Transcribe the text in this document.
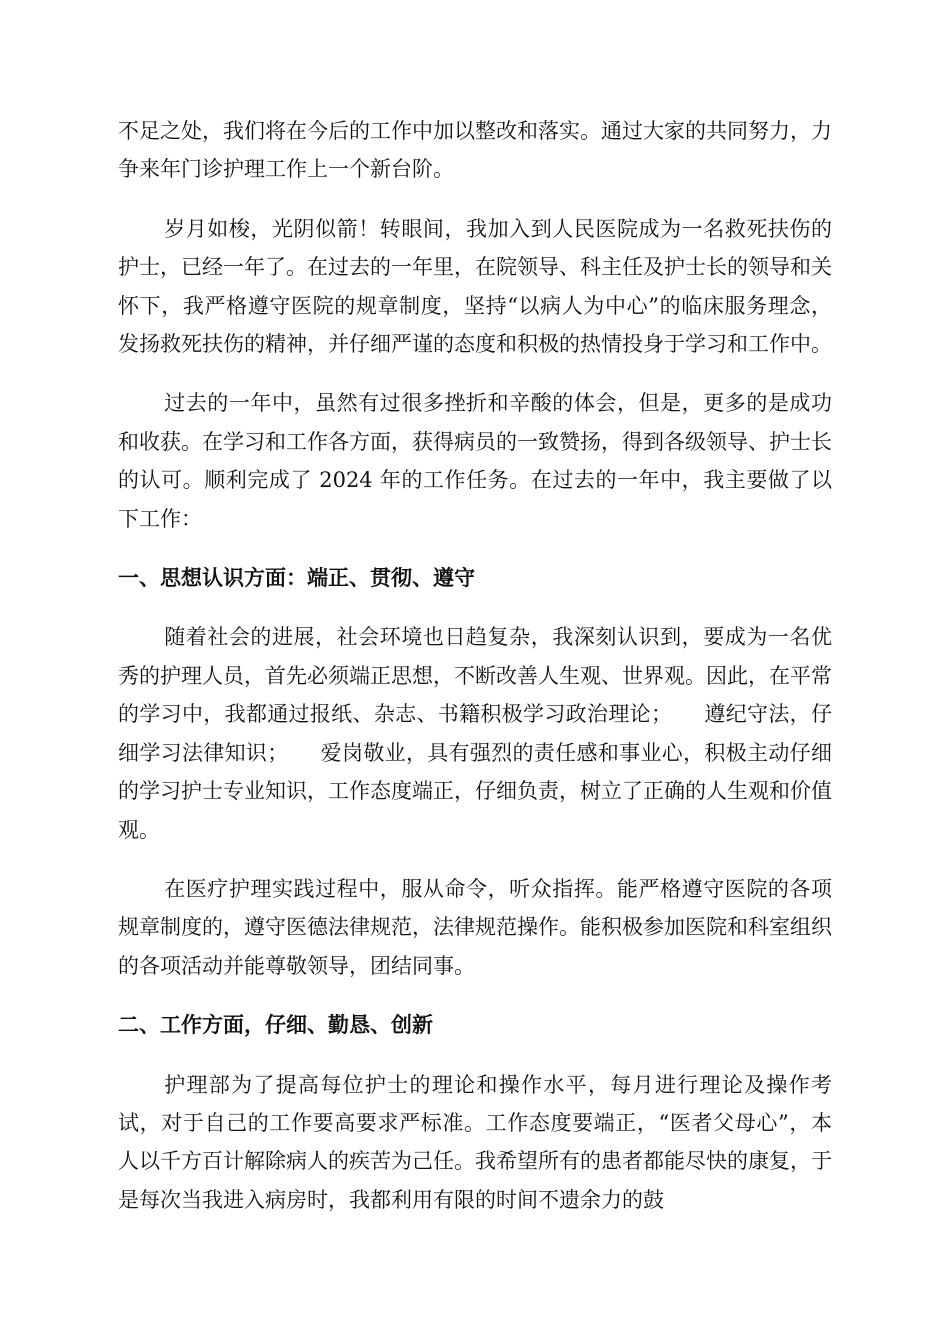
不足之处，我们将在今后的工作中加以整改和落实。通过大家的共同努力，力争来年门诊护理工作上一个新台阶。

岁月如梭，光阴似箭！转眼间，我加入到人民医院成为一名救死扶伤的护士，已经一年了。在过去的一年里，在院领导、科主任及护士长的领导和关怀下，我严格遵守医院的规章制度，坚持“以病人为中心”的临床服务理念，发扬救死扶伤的精神，并仔细严谨的态度和积极的热情投身于学习和工作中。

过去的一年中，虽然有过很多挫折和辛酸的体会，但是，更多的是成功和收获。在学习和工作各方面，获得病员的一致赞扬，得到各级领导、护士长的认可。顺利完成了 2024 年的工作任务。在过去的一年中，我主要做了以下工作：

一、思想认识方面：端正、贯彻、遵守

随着社会的进展，社会环境也日趋复杂，我深刻认识到，要成为一名优秀的护理人员，首先必须端正思想，不断改善人生观、世界观。因此，在平常的学习中，我都通过报纸、杂志、书籍积极学习政治理论；　　遵纪守法，仔细学习法律知识；　　爱岗敬业，具有强烈的责任感和事业心，积极主动仔细的学习护士专业知识，工作态度端正，仔细负责，树立了正确的人生观和价值观。

在医疗护理实践过程中，服从命令，听众指挥。能严格遵守医院的各项规章制度的，遵守医德法律规范，法律规范操作。能积极参加医院和科室组织的各项活动并能尊敬领导，团结同事。

二、工作方面，仔细、勤恳、创新

护理部为了提高每位护士的理论和操作水平，每月进行理论及操作考试，对于自己的工作要高要求严标准。工作态度要端正，“医者父母心”，本人以千方百计解除病人的疾苦为己任。我希望所有的患者都能尽快的康复，于是每次当我进入病房时，我都利用有限的时间不遗余力的鼓
